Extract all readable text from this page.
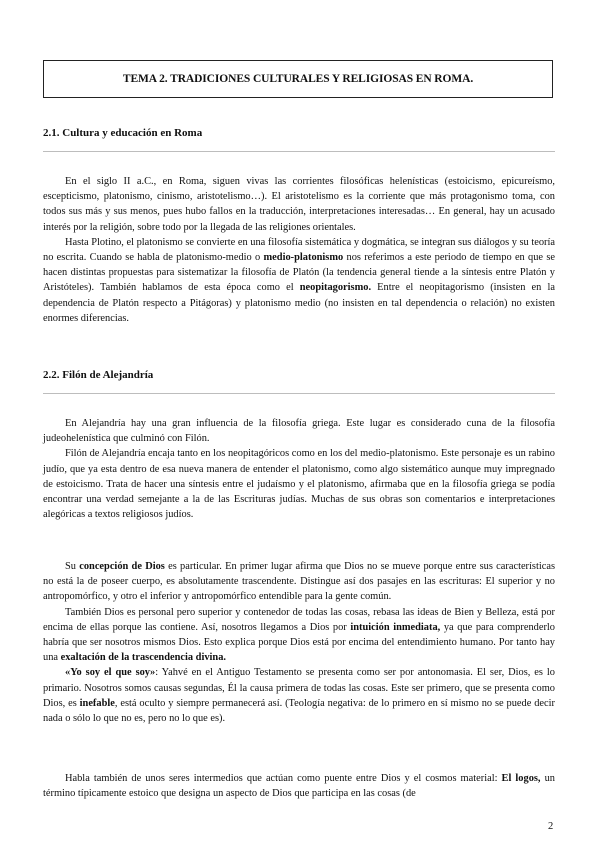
TEMA 2. TRADICIONES CULTURALES Y RELIGIOSAS EN ROMA.
2.1. Cultura y educación en Roma

En el siglo II a.C., en Roma, siguen vivas las corrientes filosóficas helenísticas (estoicismo, epicureísmo, escepticismo, platonismo, cinismo, aristotelismo…). El aristotelismo es la corriente que más protagonismo toma, con todos sus más y sus menos, pues hubo fallos en la traducción, interpretaciones interesadas… En general, hay un acusado interés por la religión, sobre todo por la llegada de las religiones orientales.

Hasta Plotino, el platonismo se convierte en una filosofía sistemática y dogmática, se integran sus diálogos y su teoría no escrita. Cuando se habla de platonismo-medio o medio-platonismo nos referimos a este periodo de tiempo en que se hacen distintas propuestas para sistematizar la filosofía de Platón (la tendencia general tiende a la síntesis entre Platón y Aristóteles). También hablamos de esta época como el neopitagorismo. Entre el neopitagorismo (insisten en la dependencia de Platón respecto a Pitágoras) y platonismo medio (no insisten en tal dependencia o relación) no existen enormes diferencias.

2.2. Filón de Alejandría

En Alejandría hay una gran influencia de la filosofía griega. Este lugar es considerado cuna de la filosofía judeohelenística que culminó con Filón.

Filón de Alejandría encaja tanto en los neopitagóricos como en los del medio-platonismo. Este personaje es un rabino judío, que ya esta dentro de esa nueva manera de entender el platonismo, como algo sistemático aunque muy impregnado de estoicismo. Trata de hacer una síntesis entre el judaísmo y el platonismo, afirmaba que en la filosofía griega se podía encontrar una verdad semejante a la de las Escrituras judías. Muchas de sus obras son comentarios e interpretaciones alegóricas a textos religiosos judíos.

Su concepción de Dios es particular. En primer lugar afirma que Dios no se mueve porque entre sus características no está la de poseer cuerpo, es absolutamente trascendente. Distingue así dos pasajes en las escrituras: El superior y no antropomórfico, y otro el inferior y antropomórfico entendible para la gente común.

También Dios es personal pero superior y contenedor de todas las cosas, rebasa las ideas de Bien y Belleza, está por encima de ellas porque las contiene. Así, nosotros llegamos a Dios por intuición inmediata, ya que para comprenderlo habría que ser nosotros mismos Dios. Esto explica porque Dios está por encima del entendimiento humano. Por tanto hay una exaltación de la trascendencia divina.

«Yo soy el que soy»: Yahvé en el Antiguo Testamento se presenta como ser por antonomasia. El ser, Dios, es lo primario. Nosotros somos causas segundas, Él la causa primera de todas las cosas. Este ser primero, que se presenta como Dios, es inefable, está oculto y siempre permanecerá así. (Teología negativa: de lo primero en sí mismo no se puede decir nada o sólo lo que no es, pero no lo que es).

Habla también de unos seres intermedios que actúan como puente entre Dios y el cosmos material: El logos, un término típicamente estoico que designa un aspecto de Dios que participa en las cosas (de

2
